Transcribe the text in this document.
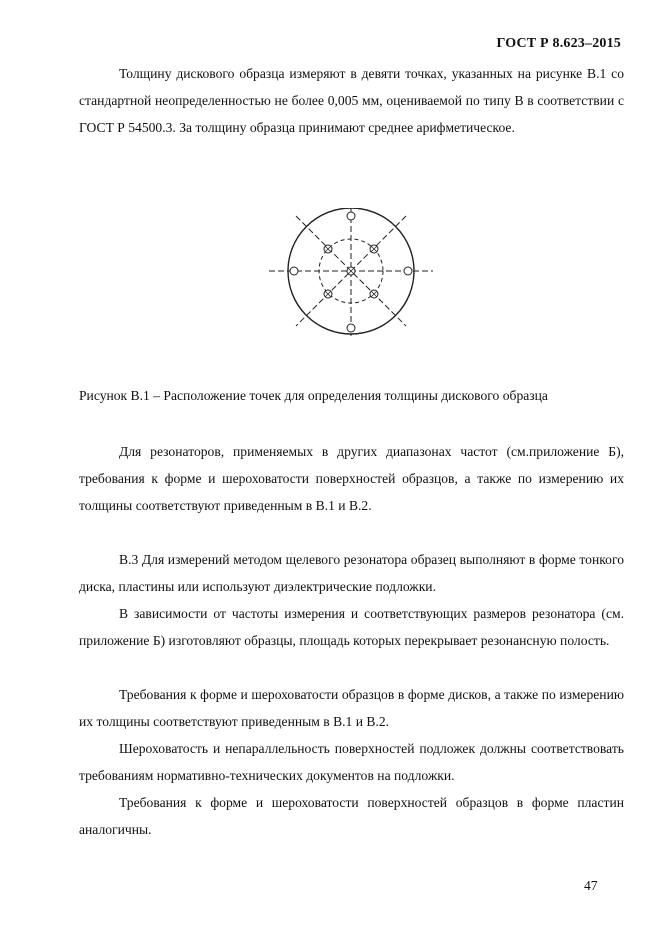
ГОСТ Р 8.623–2015

Толщину дискового образца измеряют в девяти точках, указанных на рисунке В.1 со стандартной неопределенностью не более 0,005 мм, оцениваемой по типу В в соответствии с ГОСТ Р 54500.3. За толщину образца принимают среднее арифметическое.

Рисунок В.1 – Расположение точек для определения толщины дискового образца

Для резонаторов, применяемых в других диапазонах частот (см.приложение Б), требования к форме и шероховатости поверхностей образцов, а также по измерению их толщины соответствуют приведенным в В.1 и В.2.

В.3 Для измерений методом щелевого резонатора образец выполняют в форме тонкого диска, пластины или используют диэлектрические подложки.

В зависимости от частоты измерения и соответствующих размеров резонатора (см. приложение Б) изготовляют образцы, площадь которых перекрывает резонансную полость.

Требования к форме и шероховатости образцов в форме дисков, а также по измерению их толщины соответствуют приведенным в В.1 и В.2.

Шероховатость и непараллельность поверхностей подложек должны соответствовать требованиям нормативно-технических документов на подложки.

Требования к форме и шероховатости поверхностей образцов в форме пластин аналогичны.

47
